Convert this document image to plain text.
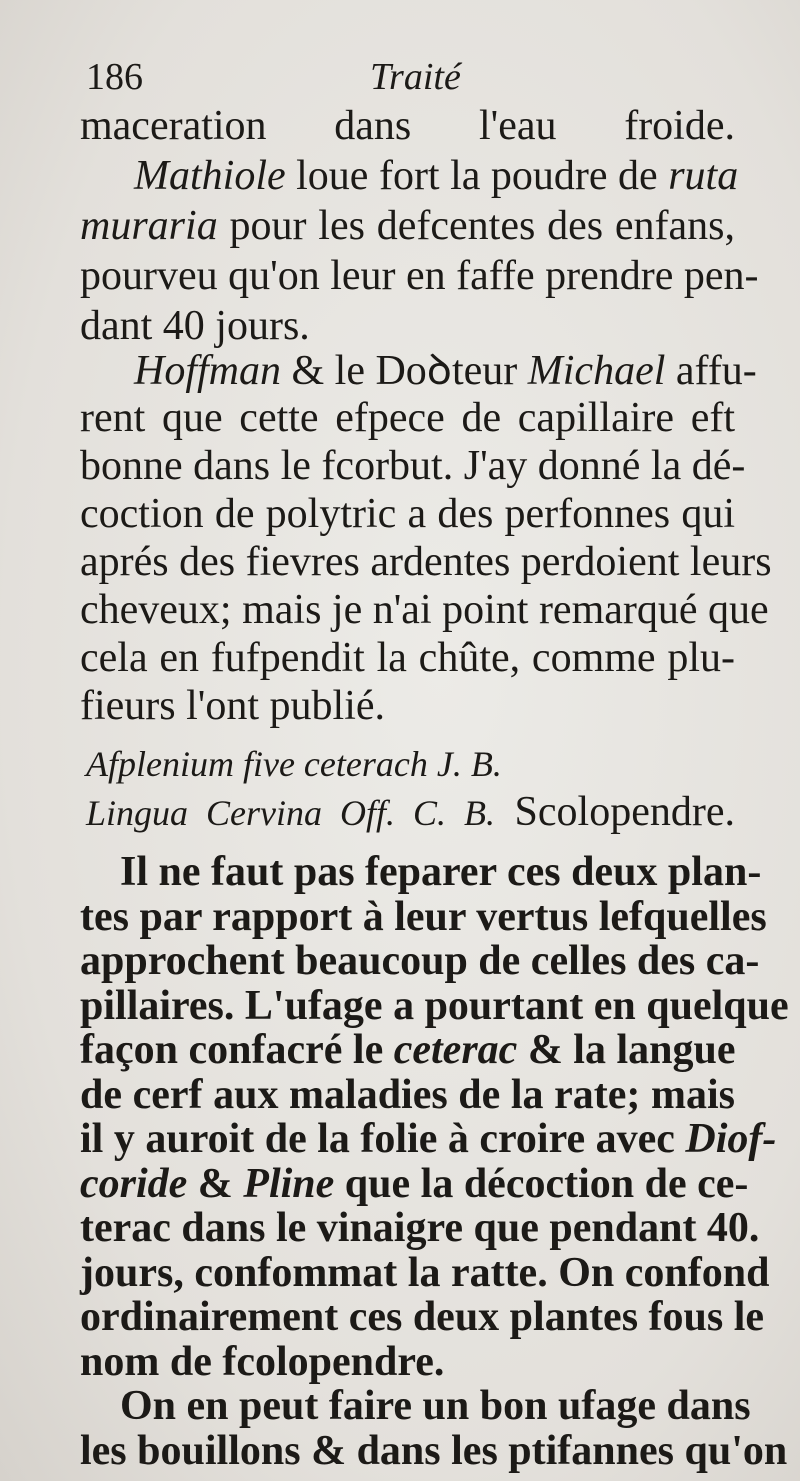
186	Traité
maceration dans l'eau froide.
Mathiole loue fort la poudre de ruta
muraria pour les defcentes des enfans,
pourveu qu'on leur en faffe prendre pen-
dant 40 jours.
Hoffman & le Doꝺteur Michael affu-
rent que cette efpece de capillaire eft
bonne dans le fcorbut. J'ay donné la dé-
coction de polytric a des perfonnes qui
aprés des fievres ardentes perdoient leurs
cheveux; mais je n'ai point remarqué que
cela en fufpendit la chûte, comme plu-
fieurs l'ont publié.
Afplenium five ceterach J. B.
Lingua Cervina Off. C. B. Scolopendre.
Il ne faut pas feparer ces deux plan-
tes par rapport à leur vertus lefquelles
approchent beaucoup de celles des ca-
pillaires. L'ufage a pourtant en quelque
façon confacré le ceterac & la langue
de cerf aux maladies de la rate; mais
il y auroit de la folie à croire avec Diof-
coride & Pline que la décoction de ce-
terac dans le vinaigre que pendant 40.
jours, confommat la ratte. On confond
ordinairement ces deux plantes fous le
nom de fcolopendre.
On en peut faire un bon ufage dans
les bouillons & dans les ptifannes qu'on
